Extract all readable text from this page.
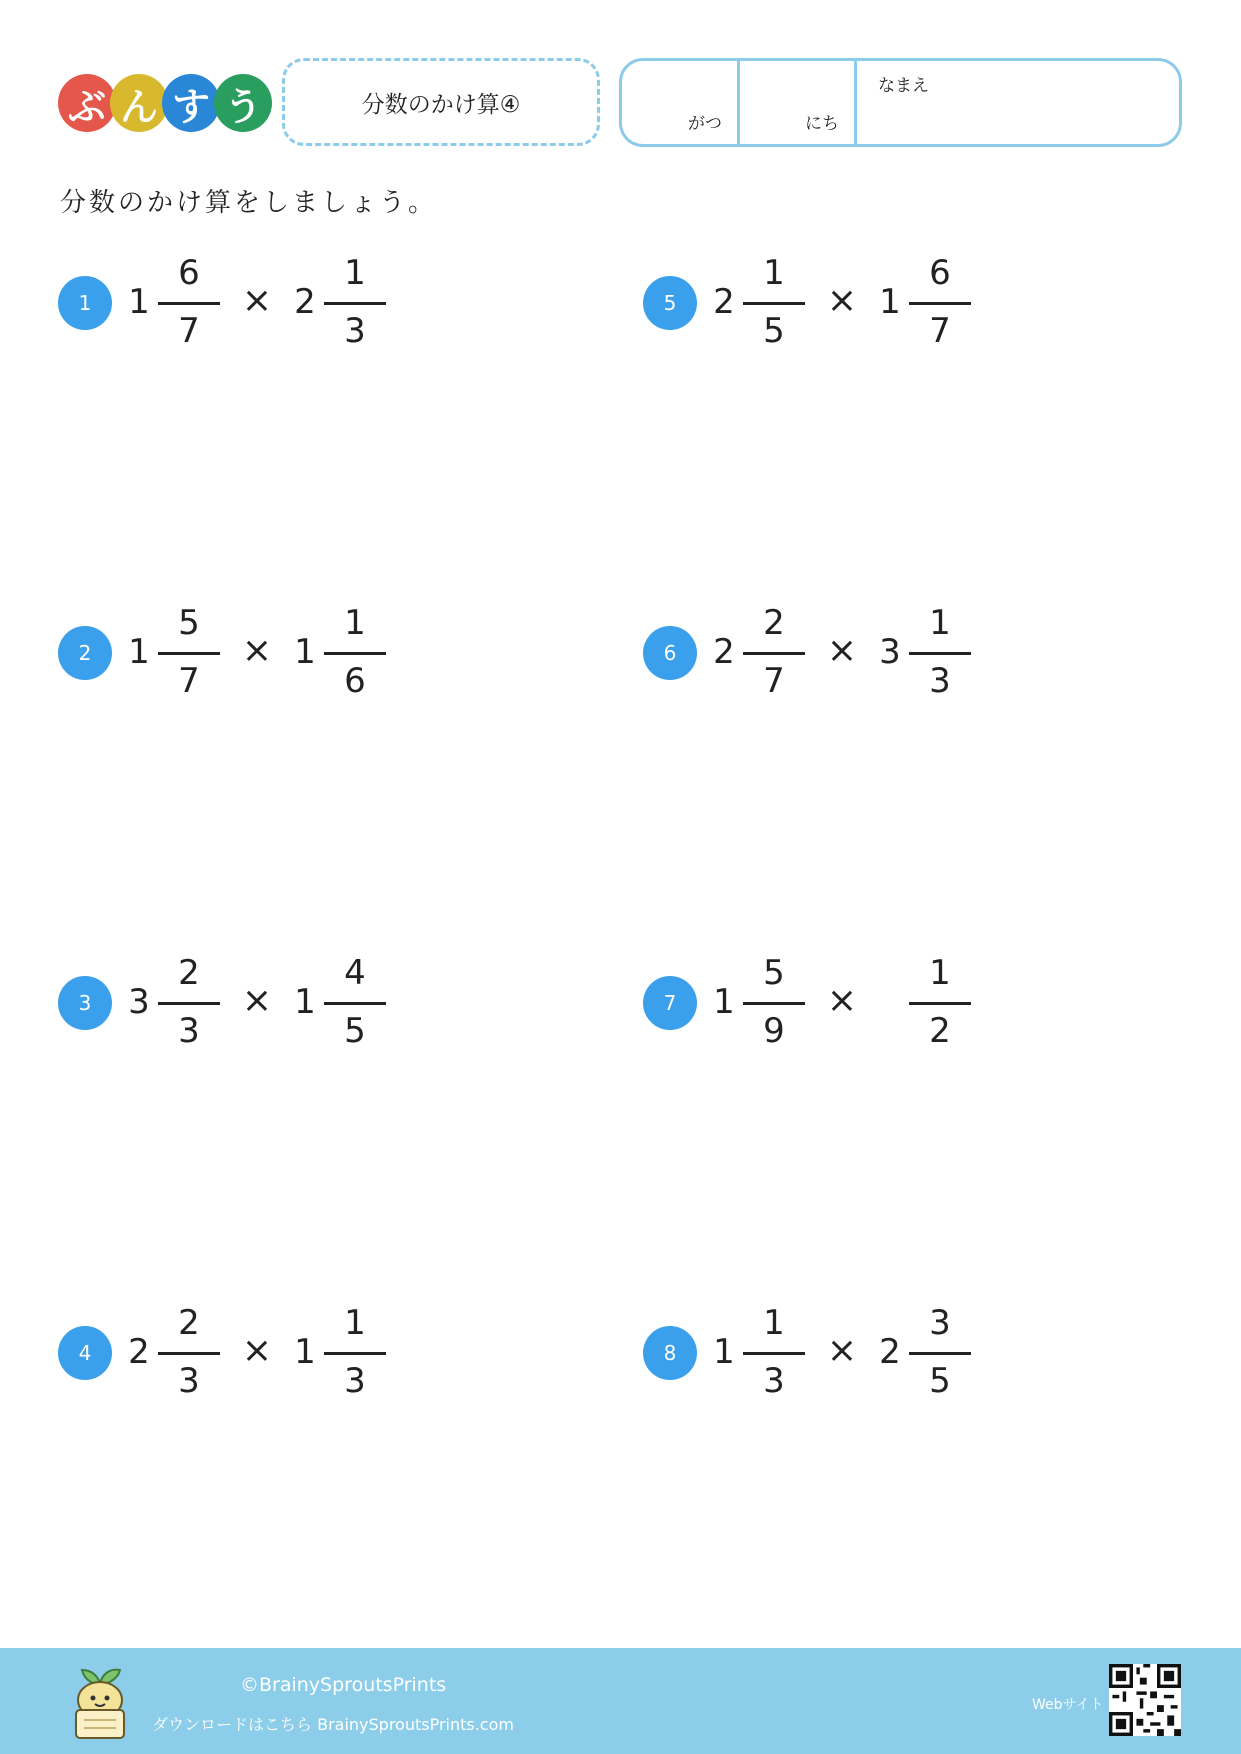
ぶ ん す う	分数のかけ算④
がつ	にち
なまえ
分数のかけ算をしましょう。
1	1
6
7
× 2
1
3
2	1
5
7
× 1
1
6
3	3
2
3
× 1
4
5
4	2
2
3
× 1
1
3
5	2
1
5
× 1
6
7
6	2
2
7
× 3
1
3
7	1
5
9
×
1
2
8	1
1
3
× 2
3
5
©BrainySproutsPrints
ダウンロードはこちら BrainySproutsPrints.com
Webサイト
